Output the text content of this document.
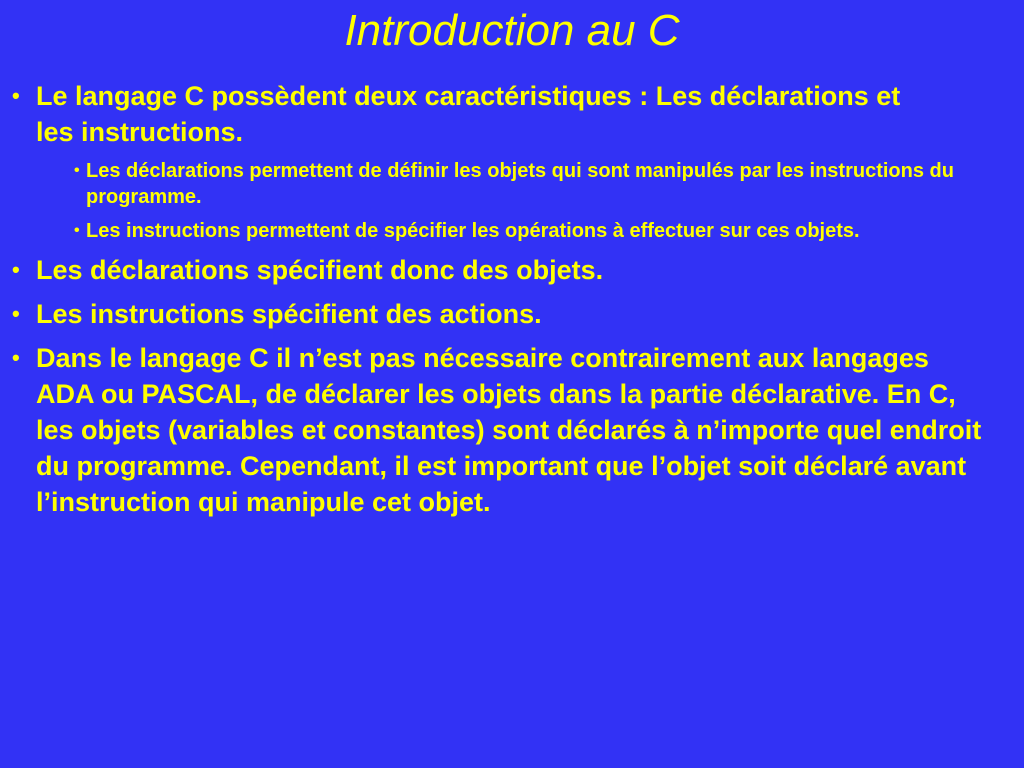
Introduction au C
• Le langage C possèdent deux caractéristiques : Les déclarations et les instructions.
• Les déclarations permettent de définir les objets qui sont manipulés par les instructions du programme.
• Les instructions permettent de spécifier les opérations à effectuer sur ces objets.
• Les déclarations spécifient donc des objets.
• Les instructions spécifient des actions.
• Dans le langage C il n’est pas nécessaire contrairement aux langages ADA ou PASCAL, de déclarer les objets dans la partie déclarative. En C, les objets (variables et constantes) sont déclarés à n’importe quel endroit du programme. Cependant, il est important que l’objet soit déclaré avant l’instruction qui manipule cet objet.
